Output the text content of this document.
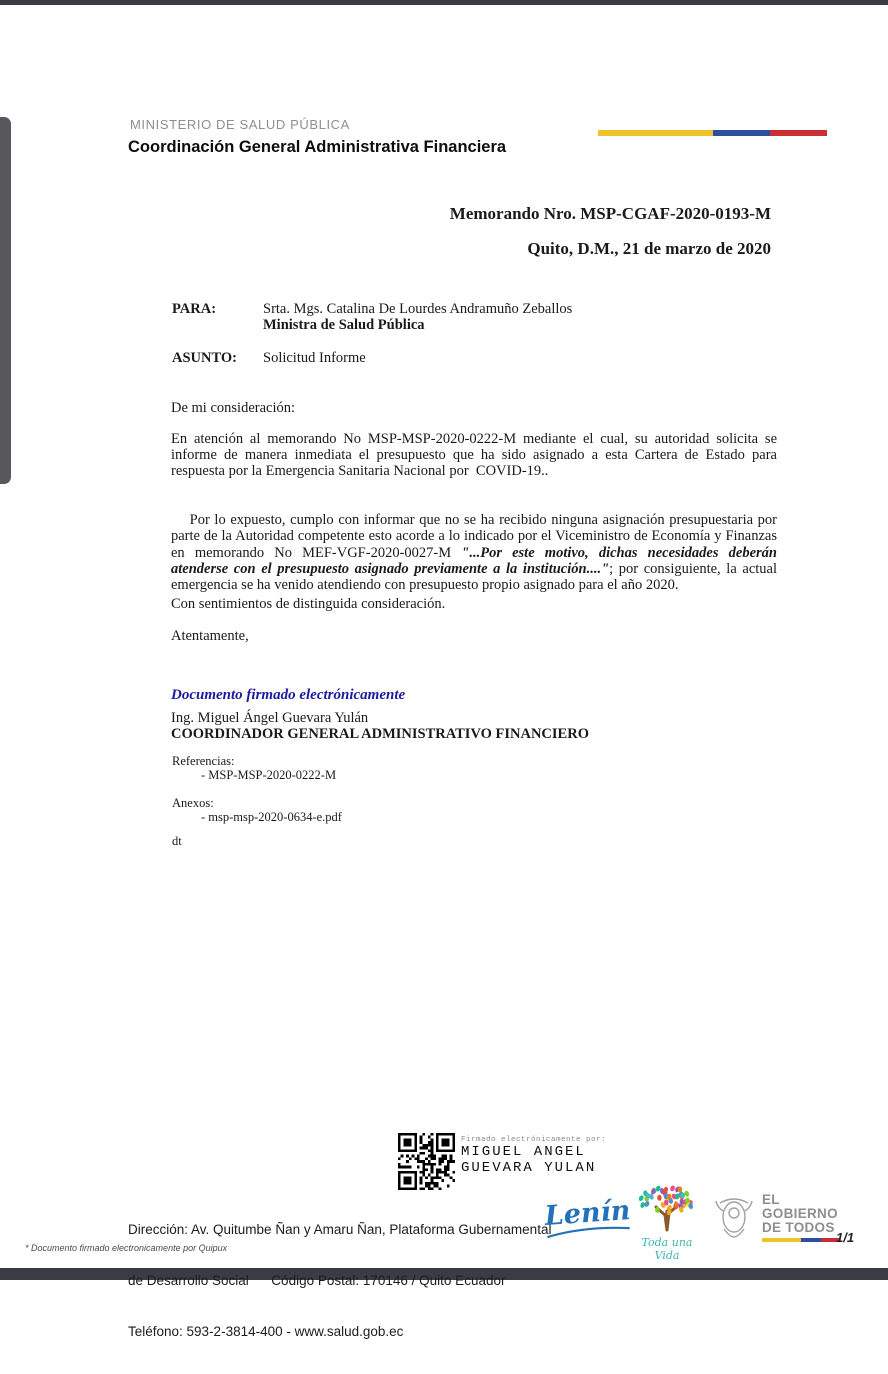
MINISTERIO DE SALUD PÚBLICA
Coordinación General Administrativa Financiera
Memorando Nro. MSP-CGAF-2020-0193-M
Quito, D.M., 21 de marzo de 2020
PARA:	Srta. Mgs. Catalina De Lourdes Andramuño Zeballos
Ministra de Salud Pública
ASUNTO: Solicitud Informe
De mi consideración:
En atención al memorando No MSP-MSP-2020-0222-M mediante el cual, su autoridad solicita se informe de manera inmediata el presupuesto que ha sido asignado a esta Cartera de Estado para respuesta por la Emergencia Sanitaria Nacional por  COVID-19..

Por lo expuesto, cumplo con informar que no se ha recibido ninguna asignación presupuestaria por parte de la Autoridad competente esto acorde a lo indicado por el Viceministro de Economía y Finanzas en memorando No MEF-VGF-2020-0027-M "...Por este motivo, dichas necesidades deberán atenderse con el presupuesto asignado previamente a la institución...."; por consiguiente, la actual emergencia se ha venido atendiendo con presupuesto propio asignado para el año 2020.

Con sentimientos de distinguida consideración.
Atentamente,
Documento firmado electrónicamente
Ing. Miguel Ángel Guevara Yulán
COORDINADOR GENERAL ADMINISTRATIVO FINANCIERO
Referencias:
- MSP-MSP-2020-0222-M
Anexos:
- msp-msp-2020-0634-e.pdf
dt
Firmado electrónicamente por:
MIGUEL ANGEL
GUEVARA YULAN

Dirección: Av. Quitumbe Ñan y Amaru Ñan, Plataforma Gubernamental

de Desarrollo Social      Código Postal: 170146 / Quito Ecuador

Teléfono: 593-2-3814-400 - www.salud.gob.ec

Lenín
Toda una Vida
EL
GOBIERNO
DE TODOS
1/1
* Documento firmado electronicamente por Quipux
